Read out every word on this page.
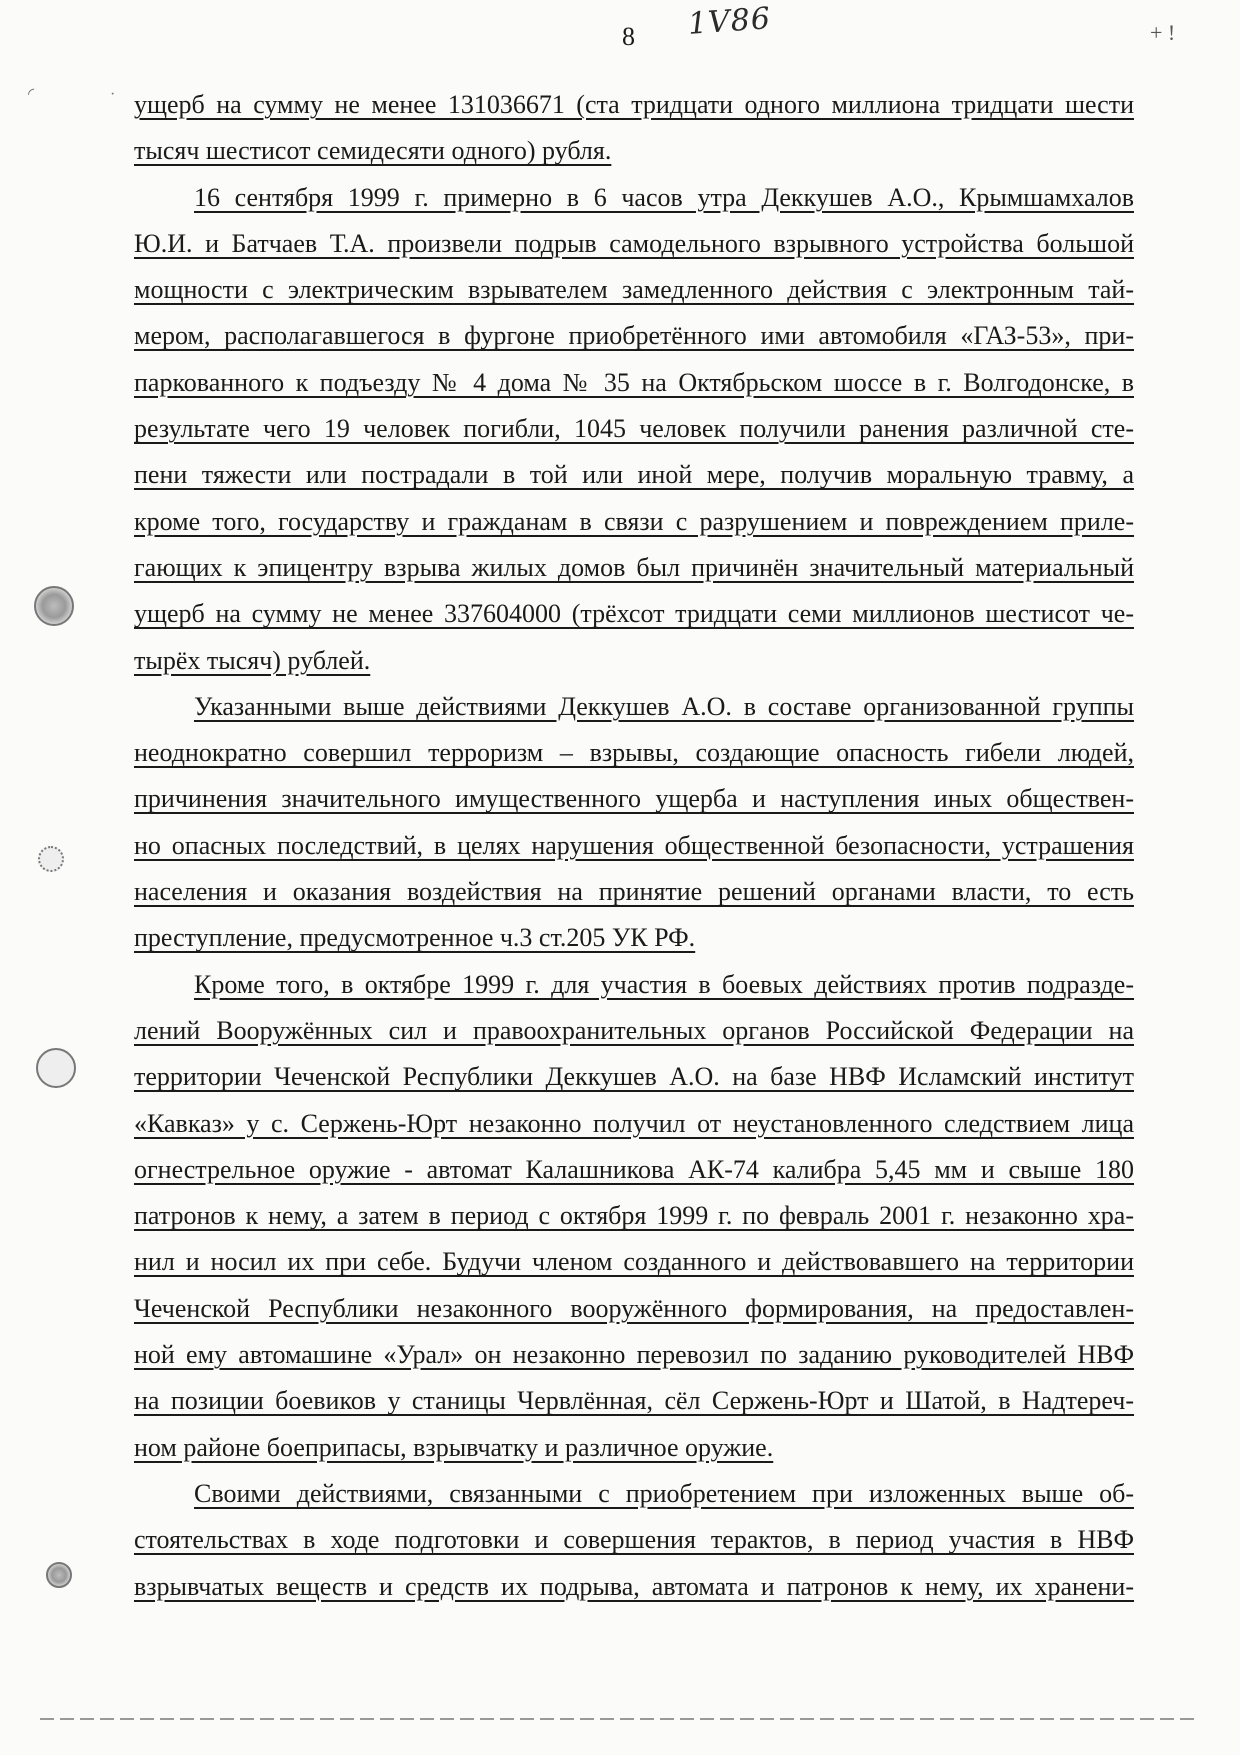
8 1V86	+ !
◜	· ущерб на сумму не менее 131036671 (ста тридцати одного миллиона тридцати шести
тысяч шестисот семидесяти одного) рубля.
16 сентября 1999 г. примерно в 6 часов утра Деккушев А.О., Крымшамхалов
Ю.И. и Батчаев Т.А. произвели подрыв самодельного взрывного устройства большой
мощности с электрическим взрывателем замедленного действия с электронным тай-
мером, располагавшегося в фургоне приобретённого ими автомобиля «ГАЗ-53», при-
паркованного к подъезду № 4 дома № 35 на Октябрьском шоссе в г. Волгодонске, в
результате чего 19 человек погибли, 1045 человек получили ранения различной сте-
пени тяжести или пострадали в той или иной мере, получив моральную травму, а
кроме того, государству и гражданам в связи с разрушением и повреждением приле-
гающих к эпицентру взрыва жилых домов был причинён значительный материальный
ущерб на сумму не менее 337604000 (трёхсот тридцати семи миллионов шестисот че-
тырёх тысяч) рублей.
Указанными выше действиями Деккушев А.О. в составе организованной группы
неоднократно совершил терроризм – взрывы, создающие опасность гибели людей,
причинения значительного имущественного ущерба и наступления иных обществен-
но опасных последствий, в целях нарушения общественной безопасности, устрашения
населения и оказания воздействия на принятие решений органами власти, то есть
преступление, предусмотренное ч.3 ст.205 УК РФ.
Кроме того, в октябре 1999 г. для участия в боевых действиях против подразде-
лений Вооружённых сил и правоохранительных органов Российской Федерации на
территории Чеченской Республики Деккушев А.О. на базе НВФ Исламский институт
«Кавказ» у с. Сержень-Юрт незаконно получил от неустановленного следствием лица
огнестрельное оружие - автомат Калашникова АК-74 калибра 5,45 мм и свыше 180
патронов к нему, а затем в период с октября 1999 г. по февраль 2001 г. незаконно хра-
нил и носил их при себе. Будучи членом созданного и действовавшего на территории
Чеченской Республики незаконного вооружённого формирования, на предоставлен-
ной ему автомашине «Урал» он незаконно перевозил по заданию руководителей НВФ
на позиции боевиков у станицы Червлённая, сёл Сержень-Юрт и Шатой, в Надтереч-
ном районе боеприпасы, взрывчатку и различное оружие.
Своими действиями, связанными с приобретением при изложенных выше об-
стоятельствах в ходе подготовки и совершения терактов, в период участия в НВФ
взрывчатых веществ и средств их подрыва, автомата и патронов к нему, их хранени-
